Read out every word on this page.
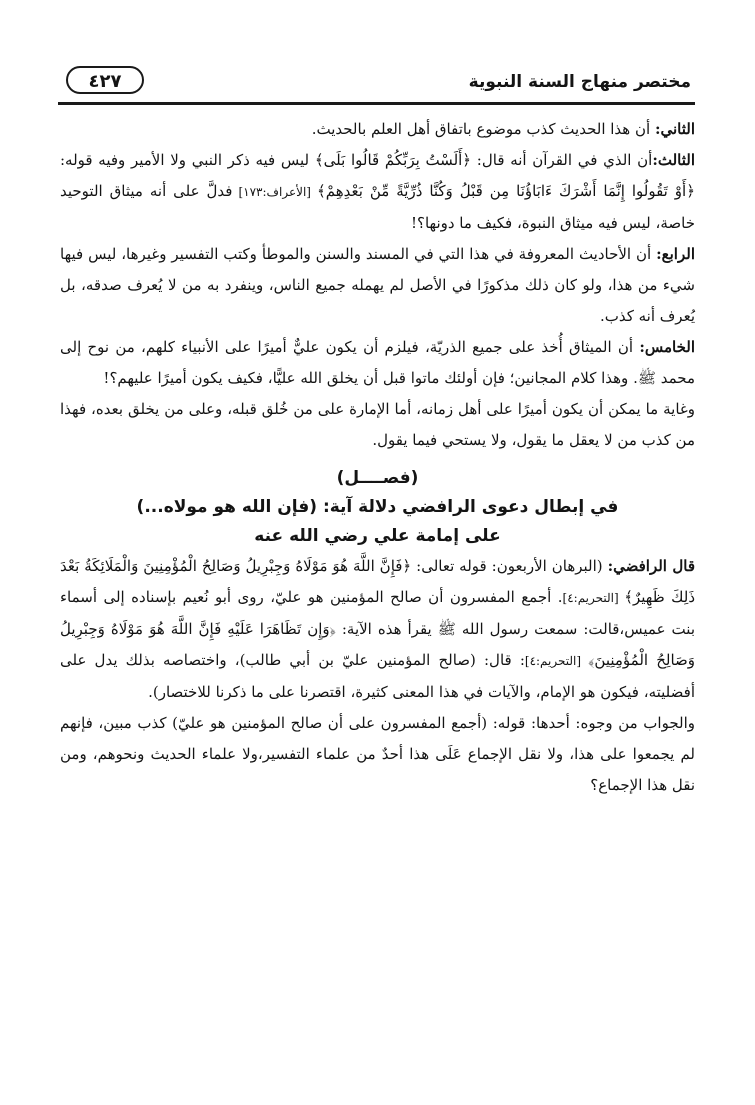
مختصر منهاج السنة النبوية
٤٢٧

الثاني: أن هذا الحديث كذب موضوع باتفاق أهل العلم بالحديث.

الثالث:أن الذي في القرآن أنه قال: ﴿أَلَسْتُ بِرَبِّكُمْ قَالُوا بَلَى﴾ ليس فيه ذكر النبي ولا الأمير وفيه قوله: ﴿أَوْ تَقُولُوا إِنَّمَا أَشْرَكَ ءَابَاؤُنَا مِن قَبْلُ وَكُنَّا ذُرِّيَّةً مِّنْ بَعْدِهِمْ﴾ [الأعراف:١٧٣] فدلَّ على أنه ميثاق التوحيد خاصة، ليس فيه ميثاق النبوة، فكيف ما دونها؟!

الرابع: أن الأحاديث المعروفة في هذا التي في المسند والسنن والموطأ وكتب التفسير وغيرها، ليس فيها شيء من هذا، ولو كان ذلك مذكورًا في الأصل لم يهمله جميع الناس، وينفرد به من لا يُعرف صدقه، بل يُعرف أنه كذب.

الخامس: أن الميثاق أُخذ على جميع الذريّة، فيلزم أن يكون عليٌّ أميرًا على الأنبياء كلهم، من نوح إلى محمد ﷺ. وهذا كلام المجانين؛ فإن أولئك ماتوا قبل أن يخلق الله عليًّا، فكيف يكون أميرًا عليهم؟!

وغاية ما يمكن أن يكون أميرًا على أهل زمانه، أما الإمارة على من خُلق قبله، وعلى من يخلق بعده، فهذا من كذب من لا يعقل ما يقول، ولا يستحي فيما يقول.

(فصــــل)
في إبطال دعوى الرافضي دلالة آية: (فإن الله هو مولاه...)
على إمامة علي رضي الله عنه

قال الرافضي: (البرهان الأربعون: قوله تعالى: ﴿فَإِنَّ اللَّهَ هُوَ مَوْلَاهُ وَجِبْرِيلُ وَصَالِحُ الْمُؤْمِنِينَ وَالْمَلَائِكَةُ بَعْدَ ذَلِكَ ظَهِيرٌ﴾ [التحريم:٤]. أجمع المفسرون أن صالح المؤمنين هو عليّ، روى أبو نُعيم بإسناده إلى أسماء بنت عميس،قالت: سمعت رسول الله ﷺ يقرأ هذه الآية: ﴿وَإِن تَظَاهَرَا عَلَيْهِ فَإِنَّ اللَّهَ هُوَ مَوْلَاهُ وَجِبْرِيلُ وَصَالِحُ الْمُؤْمِنِينَ﴾ [التحريم:٤]: قال: (صالح المؤمنين عليّ بن أبي طالب)، واختصاصه بذلك يدل على أفضليته، فيكون هو الإمام، والآيات في هذا المعنى كثيرة، اقتصرنا على ما ذكرنا للاختصار).

والجواب من وجوه: أحدها: قوله: (أجمع المفسرون على أن صالح المؤمنين هو عليّ) كذب مبين، فإنهم لم يجمعوا على هذا، ولا نقل الإجماع عَلَى هذا أحدٌ من علماء التفسير،ولا علماء الحديث ونحوهم، ومن نقل هذا الإجماع؟
